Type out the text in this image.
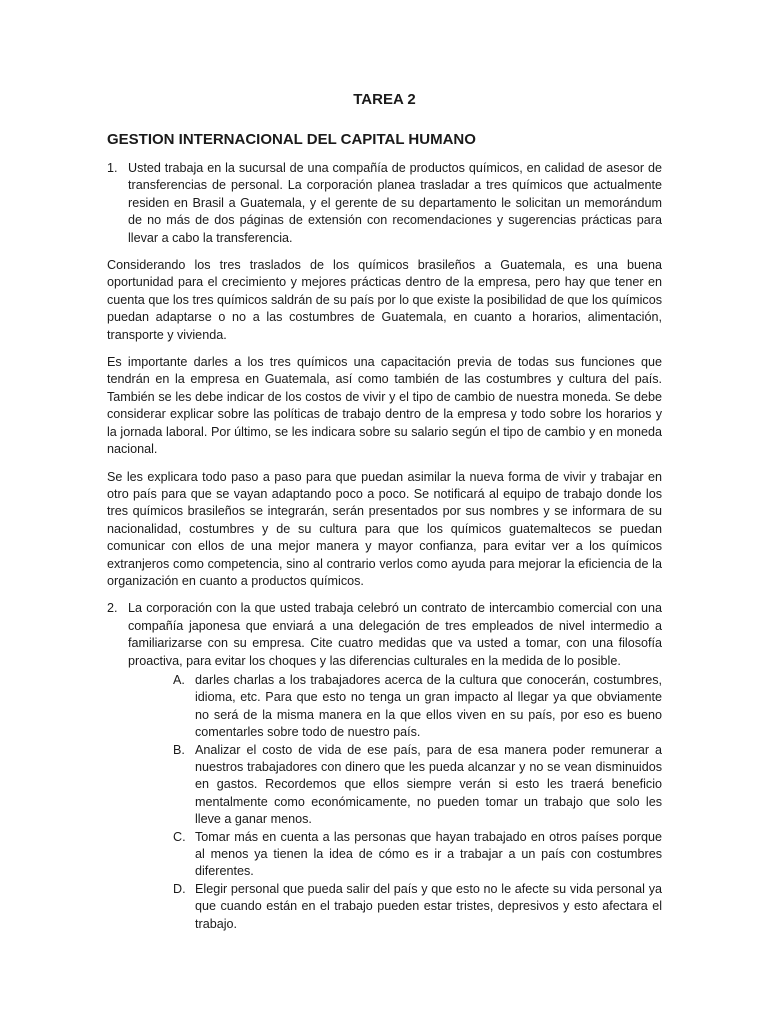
TAREA 2
GESTION INTERNACIONAL DEL CAPITAL HUMANO
1. Usted trabaja en la sucursal de una compañía de productos químicos, en calidad de asesor de transferencias de personal. La corporación planea trasladar a tres químicos que actualmente residen en Brasil a Guatemala, y el gerente de su departamento le solicitan un memorándum de no más de dos páginas de extensión con recomendaciones y sugerencias prácticas para llevar a cabo la transferencia.

Considerando los tres traslados de los químicos brasileños a Guatemala, es una buena oportunidad para el crecimiento y mejores prácticas dentro de la empresa, pero hay que tener en cuenta que los tres químicos saldrán de su país por lo que existe la posibilidad de que los químicos puedan adaptarse o no a las costumbres de Guatemala, en cuanto a horarios, alimentación, transporte y vivienda.

Es importante darles a los tres químicos una capacitación previa de todas sus funciones que tendrán en la empresa en Guatemala, así como también de las costumbres y cultura del país. También se les debe indicar de los costos de vivir y el tipo de cambio de nuestra moneda. Se debe considerar explicar sobre las políticas de trabajo dentro de la empresa y todo sobre los horarios y la jornada laboral. Por último, se les indicara sobre su salario según el tipo de cambio y en moneda nacional.

Se les explicara todo paso a paso para que puedan asimilar la nueva forma de vivir y trabajar en otro país para que se vayan adaptando poco a poco. Se notificará al equipo de trabajo donde los tres químicos brasileños se integrarán, serán presentados por sus nombres y se informara de su nacionalidad, costumbres y de su cultura para que los químicos guatemaltecos se puedan comunicar con ellos de una mejor manera y mayor confianza, para evitar ver a los químicos extranjeros como competencia, sino al contrario verlos como ayuda para mejorar la eficiencia de la organización en cuanto a productos químicos.

2. La corporación con la que usted trabaja celebró un contrato de intercambio comercial con una compañía japonesa que enviará a una delegación de tres empleados de nivel intermedio a familiarizarse con su empresa. Cite cuatro medidas que va usted a tomar, con una filosofía proactiva, para evitar los choques y las diferencias culturales en la medida de lo posible.
A. darles charlas a los trabajadores acerca de la cultura que conocerán, costumbres, idioma, etc. Para que esto no tenga un gran impacto al llegar ya que obviamente no será de la misma manera en la que ellos viven en su país, por eso es bueno comentarles sobre todo de nuestro país.
B. Analizar el costo de vida de ese país, para de esa manera poder remunerar a nuestros trabajadores con dinero que les pueda alcanzar y no se vean disminuidos en gastos. Recordemos que ellos siempre verán si esto les traerá beneficio mentalmente como económicamente, no pueden tomar un trabajo que solo les lleve a ganar menos.
C. Tomar más en cuenta a las personas que hayan trabajado en otros países porque al menos ya tienen la idea de cómo es ir a trabajar a un país con costumbres diferentes.
D. Elegir personal que pueda salir del país y que esto no le afecte su vida personal ya que cuando están en el trabajo pueden estar tristes, depresivos y esto afectara el trabajo.
